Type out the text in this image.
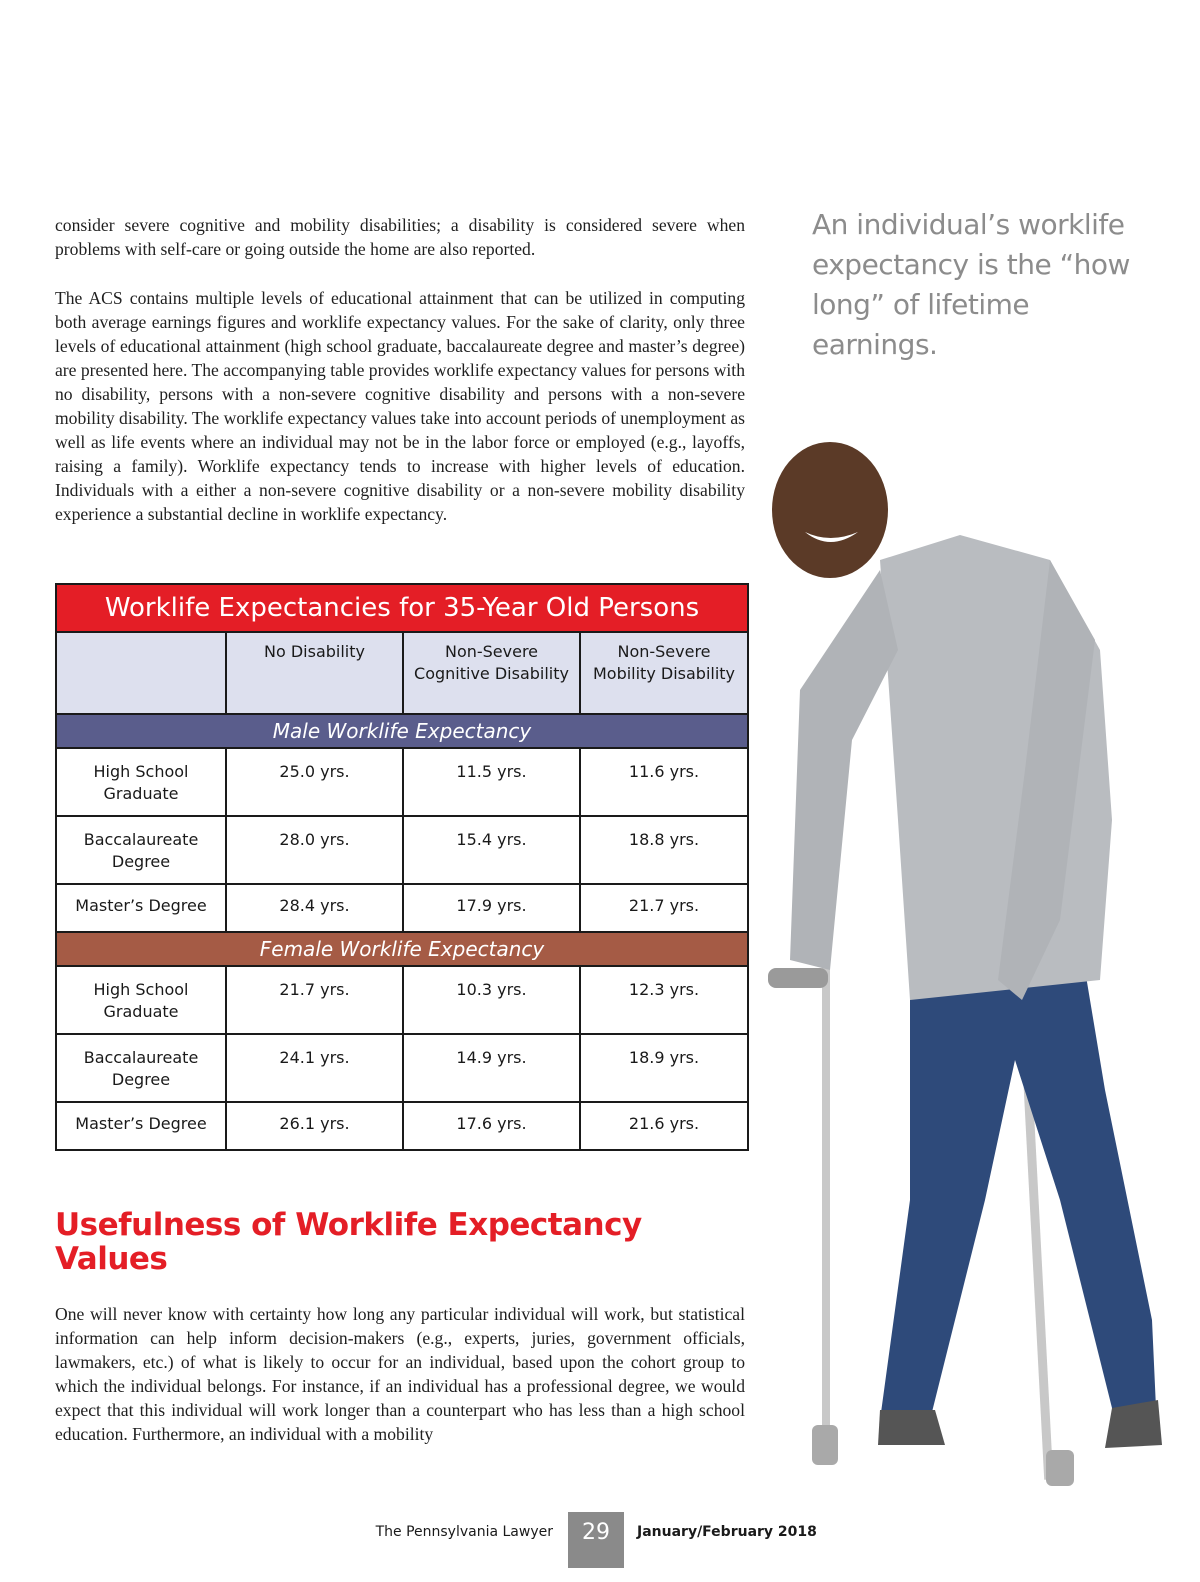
consider severe cognitive and mobility disabilities; a disability is considered severe when problems with self-care or going outside the home are also reported.

The ACS contains multiple levels of educational attainment that can be utilized in computing both average earnings figures and worklife expectancy values. For the sake of clarity, only three levels of educational attainment (high school graduate, baccalaureate degree and master’s degree) are presented here. The accompanying table provides worklife expectancy values for persons with no disability, persons with a non-severe cognitive disability and persons with a non-severe mobility disability. The worklife expectancy values take into account periods of unemployment as well as life events where an individual may not be in the labor force or employed (e.g., layoffs, raising a family). Worklife expectancy tends to increase with higher levels of education. Individuals with a either a non-severe cognitive disability or a non-severe mobility disability experience a substantial decline in worklife expectancy.

An individual’s worklife expectancy is the “how long” of lifetime earnings.
Worklife Expectancies for 35-Year Old Persons			
	No Disability	Non-Severe Cognitive Disability	Non-Severe Mobility Disability
Male Worklife Expectancy			
High School Graduate	25.0 yrs.	11.5 yrs.	11.6 yrs.
Baccalaureate Degree	28.0 yrs.	15.4 yrs.	18.8 yrs.
Master’s Degree	28.4 yrs.	17.9 yrs.	21.7 yrs.
Female Worklife Expectancy			
High School Graduate	21.7 yrs.	10.3 yrs.	12.3 yrs.
Baccalaureate Degree	24.1 yrs.	14.9 yrs.	18.9 yrs.
Master’s Degree	26.1 yrs.	17.6 yrs.	21.6 yrs.
Usefulness of Worklife Expectancy Values

One will never know with certainty how long any particular individual will work, but statistical information can help inform decision-makers (e.g., experts, juries, government officials, lawmakers, etc.) of what is likely to occur for an individual, based upon the cohort group to which the individual belongs. For instance, if an individual has a professional degree, we would expect that this individual will work longer than a counterpart who has less than a high school education. Furthermore, an individual with a mobility

The Pennsylvania Lawyer	29	January/February 2018
